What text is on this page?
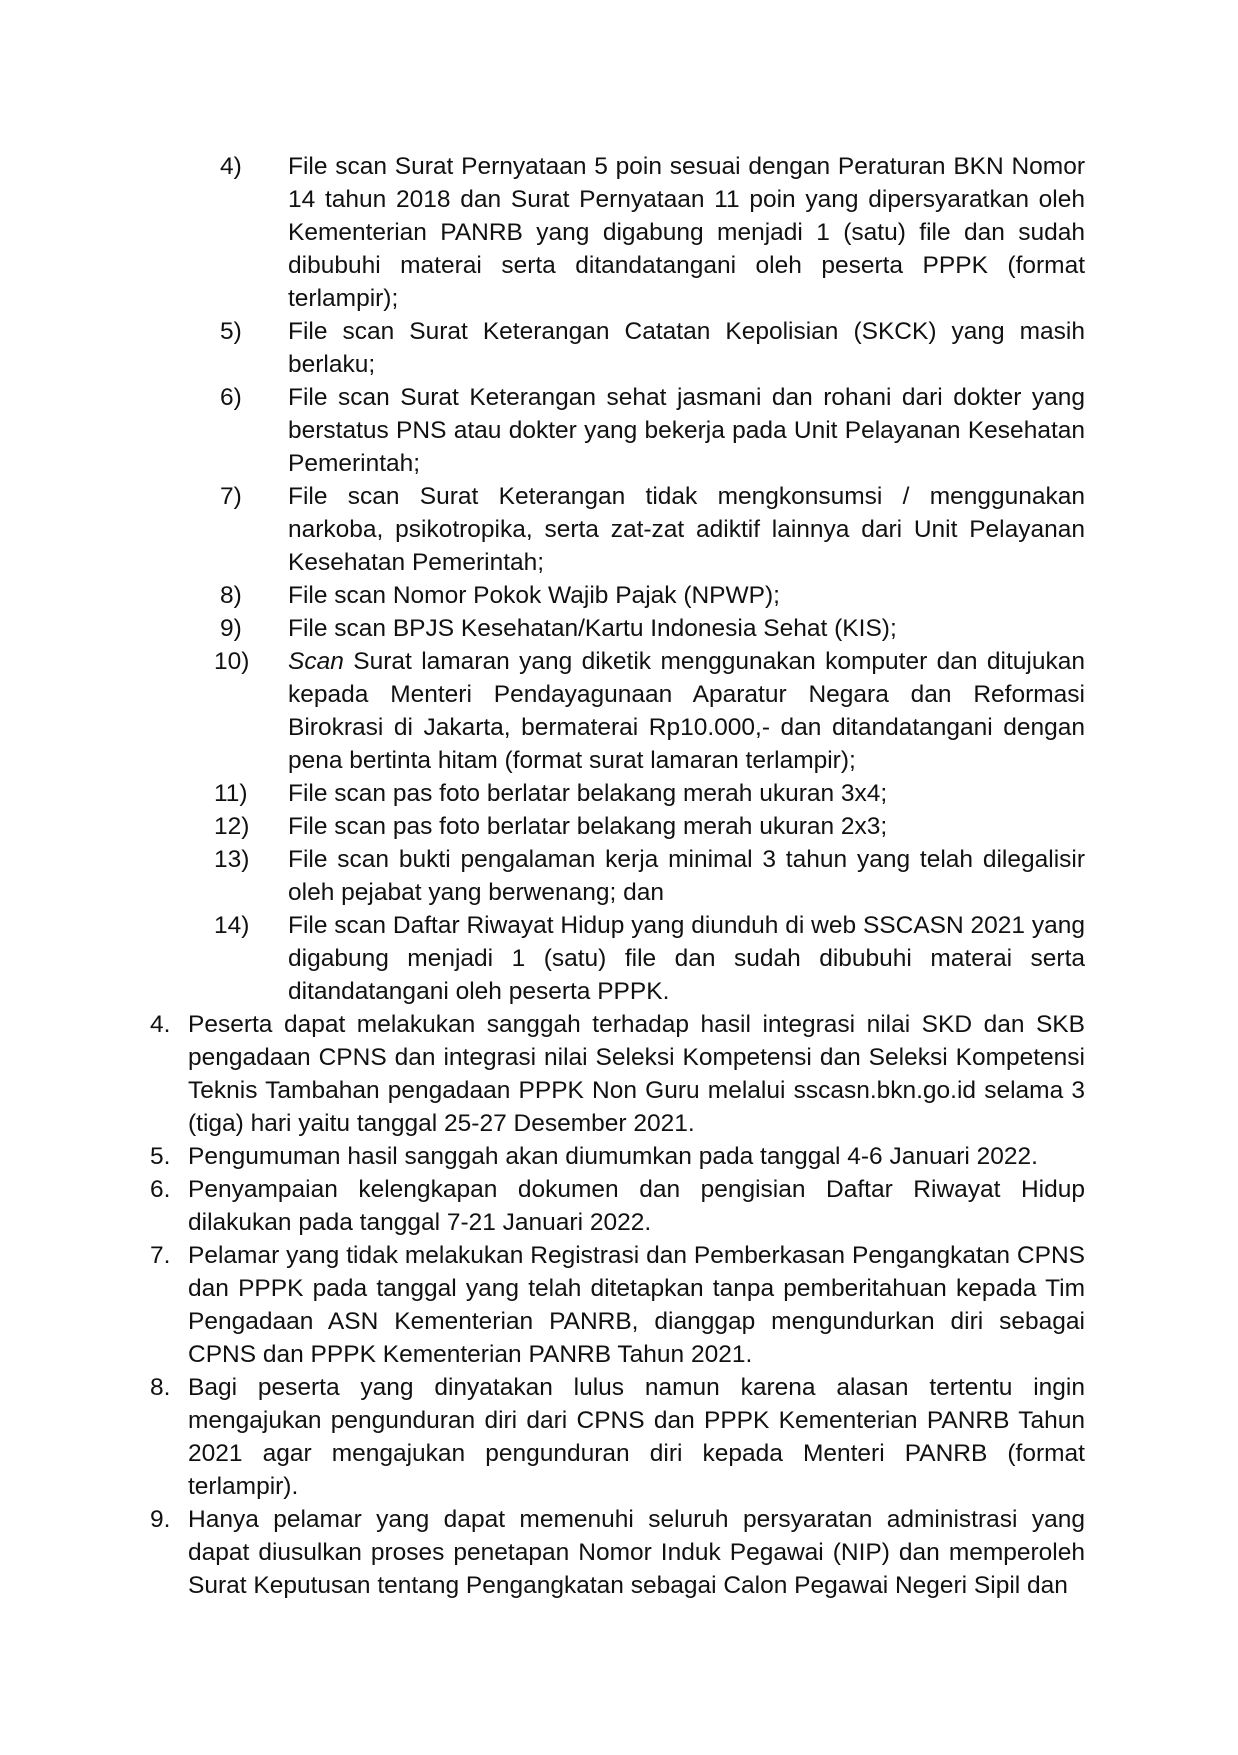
4)	File scan Surat Pernyataan 5 poin sesuai dengan Peraturan BKN Nomor 14 tahun 2018 dan Surat Pernyataan 11 poin yang dipersyaratkan oleh Kementerian PANRB yang digabung menjadi 1 (satu) file dan sudah dibubuhi materai serta ditandatangani oleh peserta PPPK (format terlampir);
5)	File scan Surat Keterangan Catatan Kepolisian (SKCK) yang masih berlaku;
6)	File scan Surat Keterangan sehat jasmani dan rohani dari dokter yang berstatus PNS atau dokter yang bekerja pada Unit Pelayanan Kesehatan Pemerintah;
7)	File scan Surat Keterangan tidak mengkonsumsi / menggunakan narkoba, psikotropika, serta zat-zat adiktif lainnya dari Unit Pelayanan Kesehatan Pemerintah;
8)	File scan Nomor Pokok Wajib Pajak (NPWP);
9)	File scan BPJS Kesehatan/Kartu Indonesia Sehat (KIS);
10)	Scan Surat lamaran yang diketik menggunakan komputer dan ditujukan kepada Menteri Pendayagunaan Aparatur Negara dan Reformasi Birokrasi di Jakarta, bermaterai Rp10.000,- dan ditandatangani dengan pena bertinta hitam (format surat lamaran terlampir);
11)	File scan pas foto berlatar belakang merah ukuran 3x4;
12)	File scan pas foto berlatar belakang merah ukuran 2x3;
13)	File scan bukti pengalaman kerja minimal 3 tahun yang telah dilegalisir oleh pejabat yang berwenang; dan
14)	File scan Daftar Riwayat Hidup yang diunduh di web SSCASN 2021 yang digabung menjadi 1 (satu) file dan sudah dibubuhi materai serta ditandatangani oleh peserta PPPK.
4. Peserta dapat melakukan sanggah terhadap hasil integrasi nilai SKD dan SKB pengadaan CPNS dan integrasi nilai Seleksi Kompetensi dan Seleksi Kompetensi Teknis Tambahan pengadaan PPPK Non Guru melalui sscasn.bkn.go.id selama 3 (tiga) hari yaitu tanggal 25-27 Desember 2021.
5. Pengumuman hasil sanggah akan diumumkan pada tanggal 4-6 Januari 2022.
6. Penyampaian kelengkapan dokumen dan pengisian Daftar Riwayat Hidup dilakukan pada tanggal 7-21 Januari 2022.
7. Pelamar yang tidak melakukan Registrasi dan Pemberkasan Pengangkatan CPNS dan PPPK pada tanggal yang telah ditetapkan tanpa pemberitahuan kepada Tim Pengadaan ASN Kementerian PANRB, dianggap mengundurkan diri sebagai CPNS dan PPPK Kementerian PANRB Tahun 2021.
8. Bagi peserta yang dinyatakan lulus namun karena alasan tertentu ingin mengajukan pengunduran diri dari CPNS dan PPPK Kementerian PANRB Tahun 2021 agar mengajukan pengunduran diri kepada Menteri PANRB (format terlampir).
9. Hanya pelamar yang dapat memenuhi seluruh persyaratan administrasi yang dapat diusulkan proses penetapan Nomor Induk Pegawai (NIP) dan memperoleh Surat Keputusan tentang Pengangkatan sebagai Calon Pegawai Negeri Sipil dan
